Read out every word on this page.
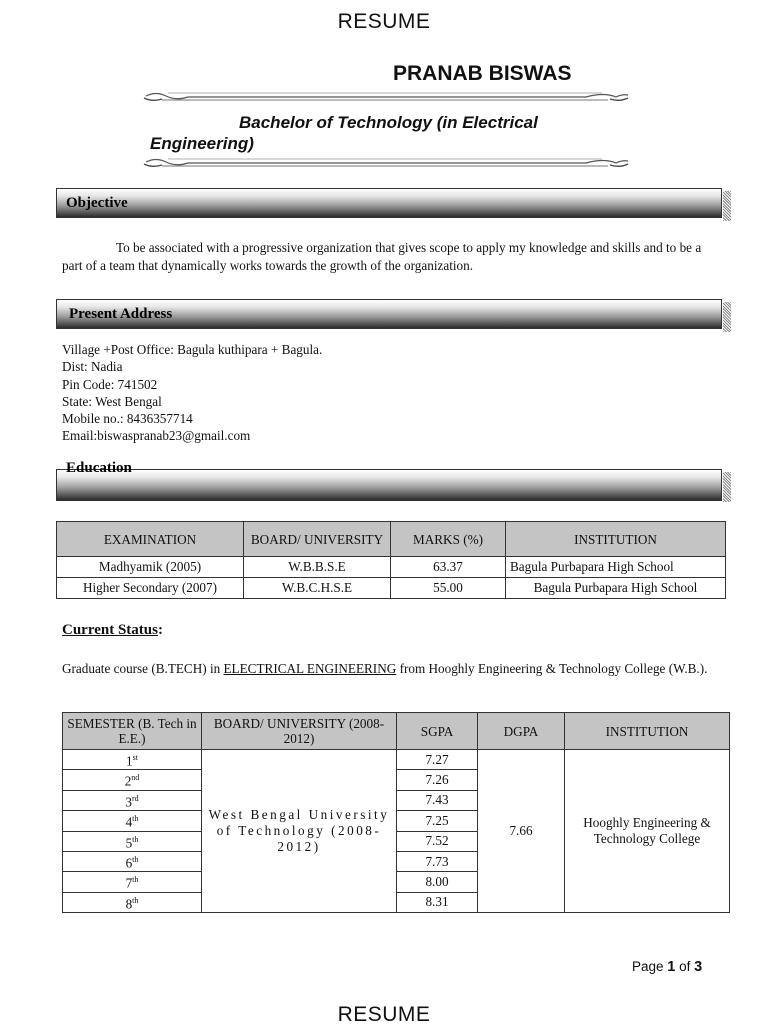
RESUME
PRANAB BISWAS
Bachelor of Technology (in Electrical Engineering)
Objective
To be associated with a progressive organization that gives scope to apply my knowledge and skills and to be a part of a team that dynamically works towards the growth of the organization.
Present Address
Village +Post Office: Bagula kuthipara + Bagula.
Dist: Nadia
Pin Code: 741502
State: West Bengal
Mobile no.: 8436357714
Email:biswaspranab23@gmail.com
Education
EXAMINATION	BOARD/ UNIVERSITY	MARKS (%)	INSTITUTION
Madhyamik (2005)	W.B.B.S.E	63.37	Bagula Purbapara High School
Higher Secondary (2007)	W.B.C.H.S.E	55.00	Bagula Purbapara High School
Current Status:
Graduate course (B.TECH) in ELECTRICAL ENGINEERING from Hooghly Engineering & Technology College (W.B.).
SEMESTER (B. Tech in E.E.)	BOARD/ UNIVERSITY (2008-2012)	SGPA	DGPA	INSTITUTION
1st	West Bengal University of Technology (2008-2012)	7.27	7.66	Hooghly Engineering & Technology College
2nd		7.26		
3rd		7.43		
4th		7.25		
5th		7.52		
6th		7.73		
7th		8.00		
8th		8.31		
Page 1 of 3
RESUME
